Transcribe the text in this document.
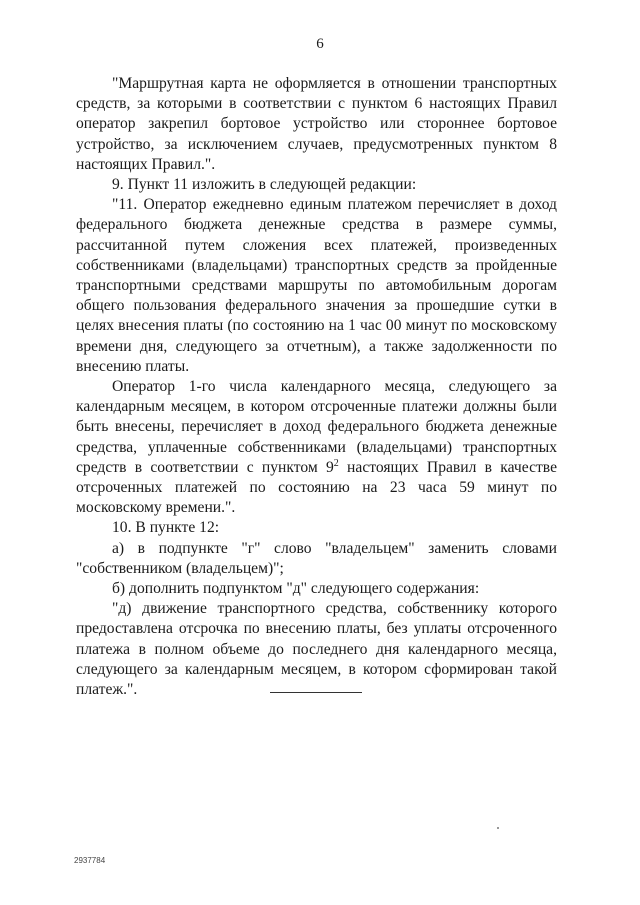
6

"Маршрутная карта не оформляется в отношении транспортных средств, за которыми в соответствии с пунктом 6 настоящих Правил оператор закрепил бортовое устройство или стороннее бортовое устройство, за исключением случаев, предусмотренных пунктом 8 настоящих Правил.".

9. Пункт 11 изложить в следующей редакции:

"11. Оператор ежедневно единым платежом перечисляет в доход федерального бюджета денежные средства в размере суммы, рассчитанной путем сложения всех платежей, произведенных собственниками (владельцами) транспортных средств за пройденные транспортными средствами маршруты по автомобильным дорогам общего пользования федерального значения за прошедшие сутки в целях внесения платы (по состоянию на 1 час 00 минут по московскому времени дня, следующего за отчетным), а также задолженности по внесению платы.

Оператор 1-го числа календарного месяца, следующего за календарным месяцем, в котором отсроченные платежи должны были быть внесены, перечисляет в доход федерального бюджета денежные средства, уплаченные собственниками (владельцами) транспортных средств в соответствии с пунктом $9^2$ настоящих Правил в качестве отсроченных платежей по состоянию на 23 часа 59 минут по московскому времени.".

10. В пункте 12:

а) в подпункте "г" слово "владельцем" заменить словами "собственником (владельцем)";

б) дополнить подпунктом "д" следующего содержания:

"д) движение транспортного средства, собственнику которого предоставлена отсрочка по внесению платы, без уплаты отсроченного платежа в полном объеме до последнего дня календарного месяца, следующего за календарным месяцем, в котором сформирован такой платеж.".

2937784
